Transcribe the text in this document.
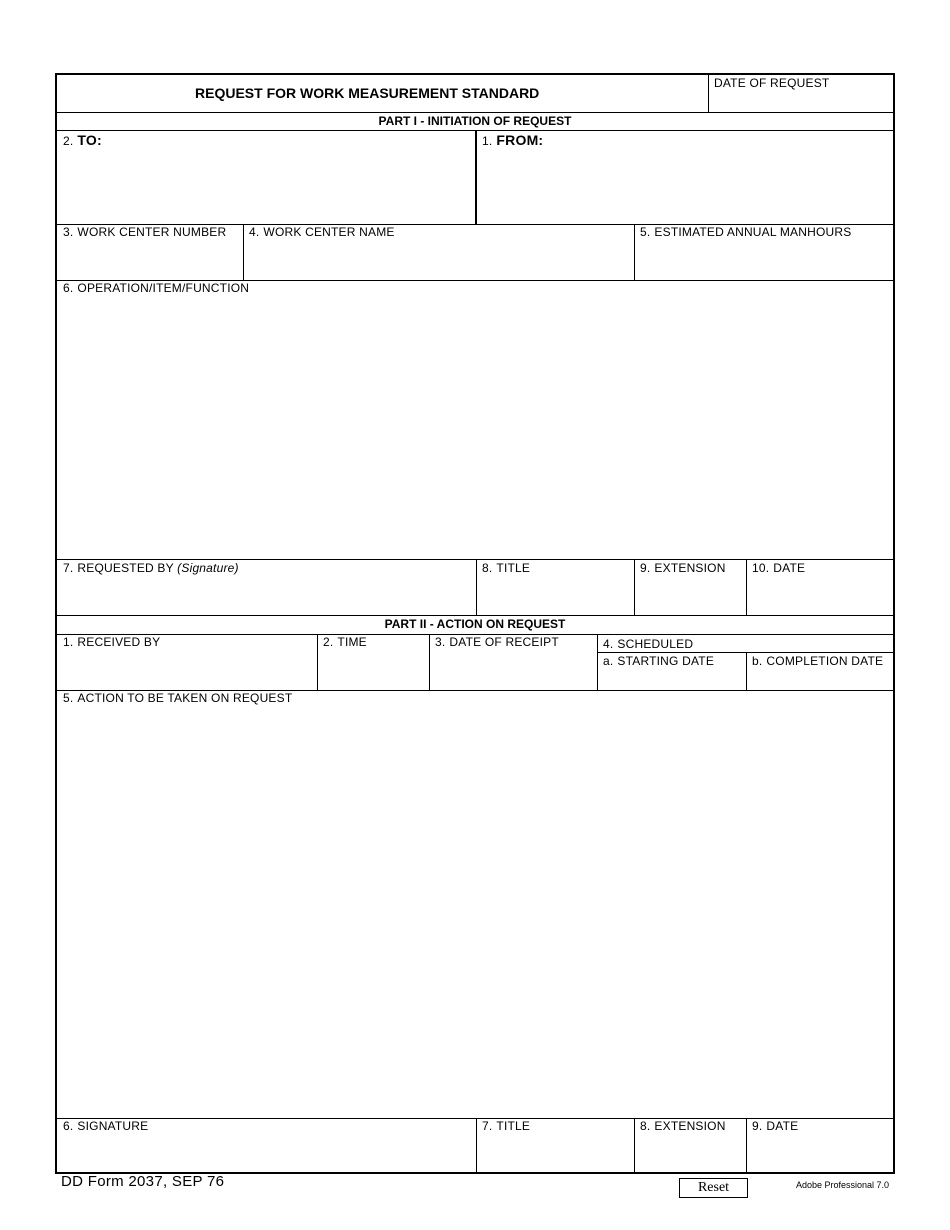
REQUEST FOR WORK MEASUREMENT STANDARD
DATE OF REQUEST
PART I - INITIATION OF REQUEST
2. TO:	1. FROM:
3. WORK CENTER NUMBER 4. WORK CENTER NAME	5. ESTIMATED ANNUAL MANHOURS
6. OPERATION/ITEM/FUNCTION
7. REQUESTED BY (Signature)	8. TITLE	9. EXTENSION 10. DATE
PART II - ACTION ON REQUEST
1. RECEIVED BY	2. TIME	3. DATE OF RECEIPT	4. SCHEDULED
a. STARTING DATE	b. COMPLETION DATE
5. ACTION TO BE TAKEN ON REQUEST
6. SIGNATURE	7. TITLE	8. EXTENSION 9. DATE
DD Form 2037, SEP 76	Reset	Adobe Professional 7.0
